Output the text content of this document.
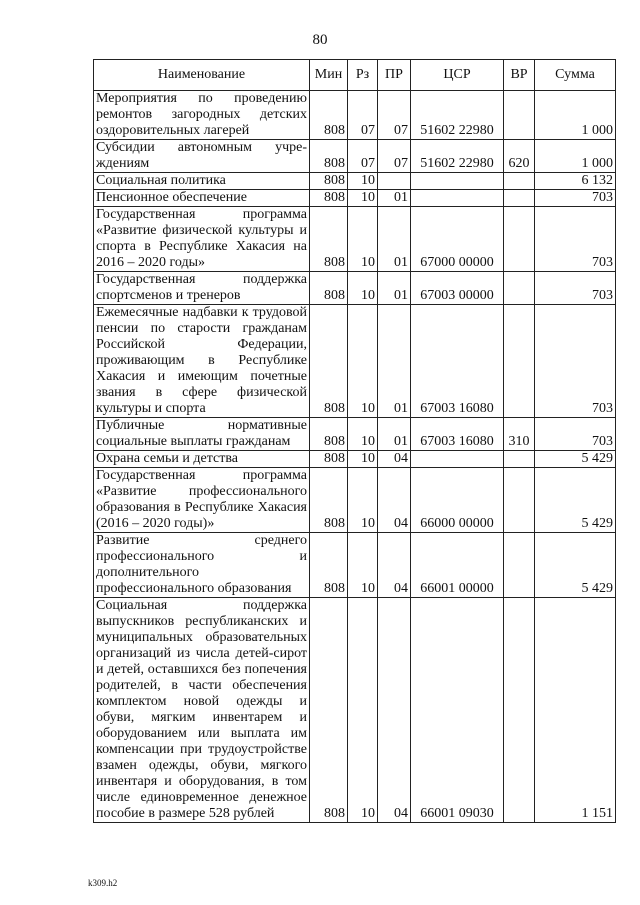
80
Наименование	Мин	Рз	ПР	ЦСР	ВР	Сумма
Мероприятия по проведению ремонтов загородных детских оздоровительных лагерей	808	07	07	51602 22980		1 000
Субсидии автономным учре-ждениям	808	07	07	51602 22980	620	1 000
Социальная политика	808	10				6 132
Пенсионное обеспечение	808	10	01			703
Государственная программа «Развитие физической культуры и спорта в Республике Хакасия на 2016 – 2020 годы»	808	10	01	67000 00000		703
Государственная поддержка спортсменов и тренеров	808	10	01	67003 00000		703
Ежемесячные надбавки к трудовой пенсии по старости гражданам Российской Федерации, проживающим в Республике Хакасия и имеющим почетные звания в сфере физической культуры и спорта	808	10	01	67003 16080		703
Публичные нормативные социальные выплаты гражданам	808	10	01	67003 16080	310	703
Охрана семьи и детства	808	10	04			5 429
Государственная программа «Развитие профессионального образования в Республике Хакасия (2016 – 2020 годы)»	808	10	04	66000 00000		5 429
Развитие среднего профессионального и дополнительного профессионального образования	808	10	04	66001 00000		5 429
Социальная поддержка выпускников республиканских и муниципальных образовательных организаций из числа детей-сирот и детей, оставшихся без попечения родителей, в части обеспечения комплектом новой одежды и обуви, мягким инвентарем и оборудованием или выплата им компенсации при трудоустройстве взамен одежды, обуви, мягкого инвентаря и оборудования, в том числе единовременное денежное пособие в размере 528 рублей	808	10	04	66001 09030		1 151
k309.h2
